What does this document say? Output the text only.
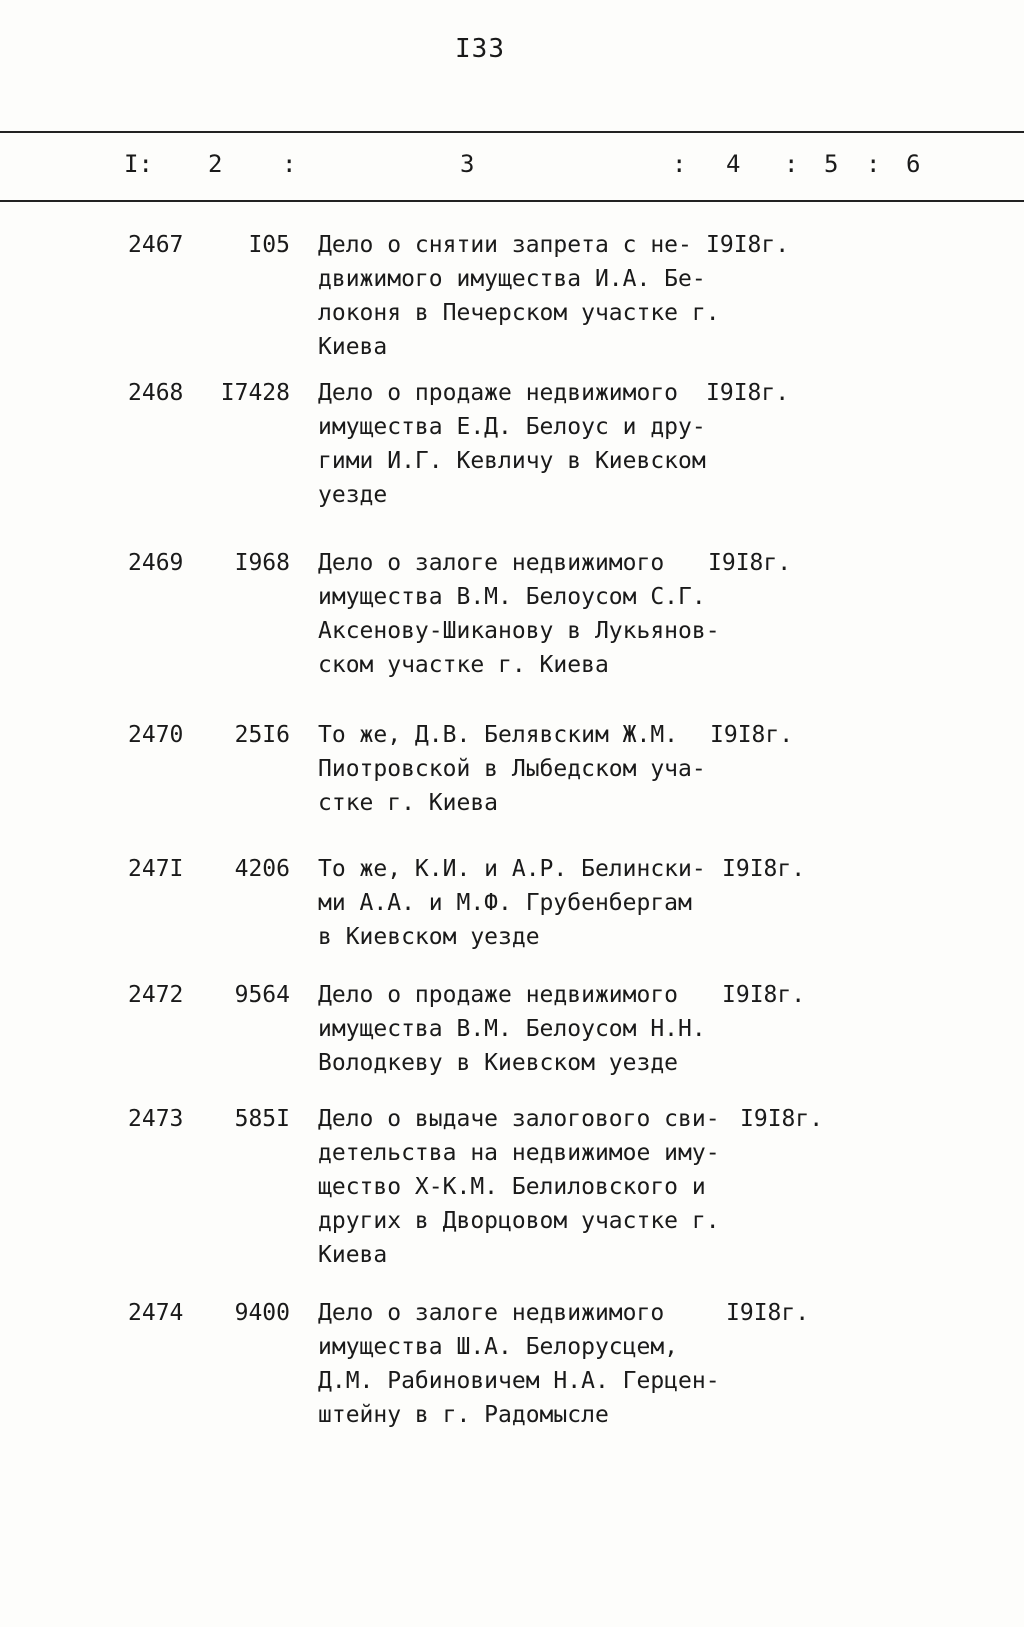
I33
I: 2 :	3	: 4 : 5 : 6
2467	I05 Дело о снятии запрета с не-
движимого имущества И.А. Бе-
локоня в Печерском участке г.
Киева
I9I8г.
2468	I7428 Дело о продаже недвижимого
имущества Е.Д. Белоус и дру-
гими И.Г. Кевличу в Киевском
уезде
I9I8г.
2469	I968 Дело о залоге недвижимого
имущества В.М. Белоусом С.Г.
Аксенову-Шиканову в Лукьянов-
ском участке г. Киева
I9I8г.
2470	25I6 То же, Д.В. Белявским Ж.М.
Пиотровской в Лыбедском уча-
стке г. Киева
I9I8г.
247I	4206 То же, К.И. и А.Р. Белински-
ми А.А. и М.Ф. Грубенбергам
в Киевском уезде
I9I8г.
2472	9564 Дело о продаже недвижимого
имущества В.М. Белоусом Н.Н.
Володкеву в Киевском уезде
I9I8г.
2473	585I Дело о выдаче залогового сви-
детельства на недвижимое иму-
щество Х-К.М. Белиловского и
других в Дворцовом участке г.
Киева
I9I8г.
2474	9400 Дело о залоге недвижимого
имущества Ш.А. Белорусцем,
Д.М. Рабиновичем Н.А. Герцен-
штейну в г. Радомысле
I9I8г.
